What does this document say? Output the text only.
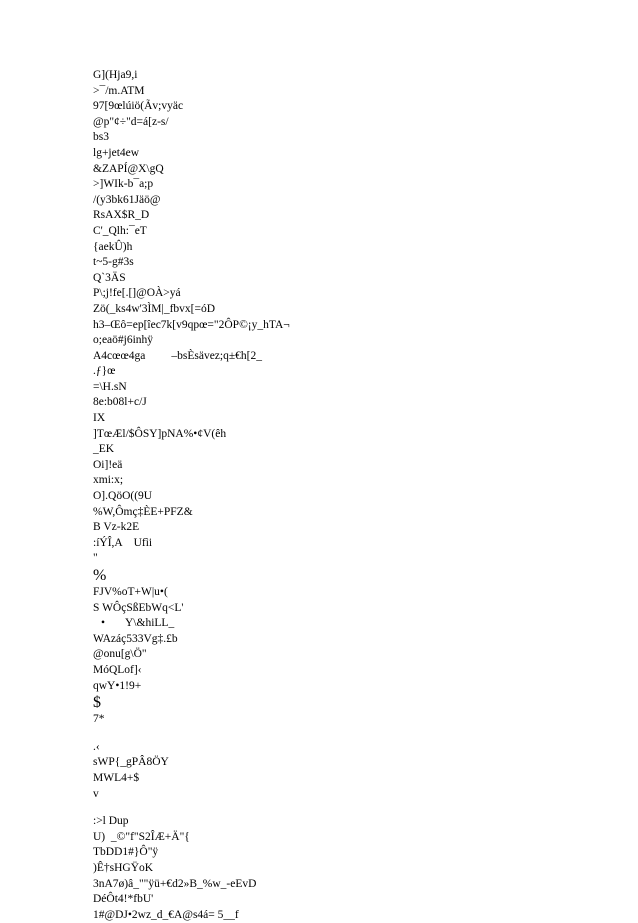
G](Hja9,i
>¯/m.ATM
97[9œlúiö(Ãv;vyäc
@p"¢÷"d=á[z-s/
bs3
lg+jet4ew
&ZAPÍ@X\gQ
>]WIk-b¯a;p
/(y3bk61Jäö@
RsAX$R_D
C'_Qlh:¯eT
{aekÛ)h
t~5-g#3s
Q`3ÄS
P\;j!fe[.[]@OÀ>yá
Zö(_ks4w'3ÌM|_fbvx[=óD
h3–Œô=ep[îec7k[v9qpœ="2ÔP©¡y_hTA¬
o;eaö#j6inhÿ
A4cœœ4ga –bsÈsävez;q±€h[2_
.ƒ}œ
=\H.sN
8e:b08l+c/J
IX
]TœÆl/$ÔSY]pNA%•¢V(êh
_EK
Oi]!eä
xmi:x;
O].QöO((9U
%W,Ômç‡ÈE+PFZ&
B Vz-k2E
:íÝÎ,A    Ufìi
"
%
FJV%oT+W|u•(
S WÔçSßEbWq<L'
• Y\&hiLL_
WAzáç533Vg‡.£b
@onu[g\Ö"
MóQLof]‹
qwY•1!9+
$
7*
.‹
sWP{_gPÂ8ÖY
MWL4+$
v
:>l Dup
U)  _©"f"S2ÎÆ+Ä"{
TbDD1#}Ô"ÿ
)Ê†sHGŸoK
3nA7ø)â_""ÿü+€d2»B_%w_-eEvD
DéÔt4!*fbU'
1#@DJ•2wz_d_€A@s4á= 5__f
